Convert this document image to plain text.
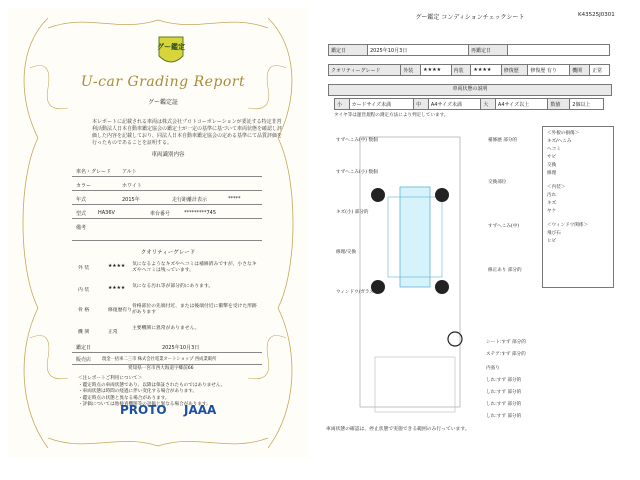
グー鑑定
U-car Grading Report
グー鑑定証
本レポートに記載される車両は株式会社プロトコーポレーションが委託する特定非営利活動法人日本自動車鑑定協会の鑑定士が一定の基準に基づいて車両状態を確認し評価した内容を記載しており、同法人日本自動車鑑定協会の定める基準にて品質評価を行ったものであることを証明する。
車両識別内容
車名・グレード アルト
カラー	ホワイト
年式	2015年	走行距離計表示	*****
型式 HA36V	車台番号	*********745
備考
クオリティーグレード
外 装	★★★★ 気になるようなキズやヘコミは補修済みですが、小さなキズやヘコミは残っています。
内 装	★★★★ 気になる汚れ等が部分的にあります。
骨 格	修復歴有り
骨格部位の先端付近、または後端付近に衝撃を受けた形跡があります
機 関	正常
主要機関に異常がありません。
鑑定日	2025年10月3日
販売店	現金一括車二三市 株式会社電業オートショップ 西成業販所
愛知県一宮市西大海道字郷前66
＜注レポートご利用について＞
・鑑定時点の車両状態であり、以降は保証されたものではありません。
・車両状態は時間の経過に伴い変化する場合があります。
・鑑定時点の状態と異なる場合があります。
・評価については他検査機関等の評価と異なる場合があります。
PROTO JAAA
グー鑑定 コンディションチェックシート	K43525J0301
鑑定日	2025年10月3日	再鑑定日	
クオリティーグレード	外装	★★★★	内装	★★★★	修復歴	修復歴 有り	機関	正常
車両状態の説明
小	カードサイズ未満	中	A4サイズ未満	大	A4サイズ以上	数値	2個以上
タイヤ等は運営規程の測定方法により判定しています。
すずへこみ(中) 数個
すずへこみ(小) 数個
キズ(小) 部分的
修理/交換
ウィンドウ/ガラス
補修歴 部分的
交換部位
すずへこみ(中)
修正あり 部分的
＜外板の損傷＞
キズ/へこみ
ヘコミ
サビ
交換
修理
＜内装＞
汚れ
キズ
ヤケ
＜ウィンドウ関係＞
飛び石
ヒビ
シート:すず 部分的
ステア:すず 部分的
内張り
しれ:すず 部分的
しれ:すず 部分的
しれ:すず 部分的
しれ:すず 部分的
車両状態の確認は、停止状態で実施できる範囲のみ行っています。
